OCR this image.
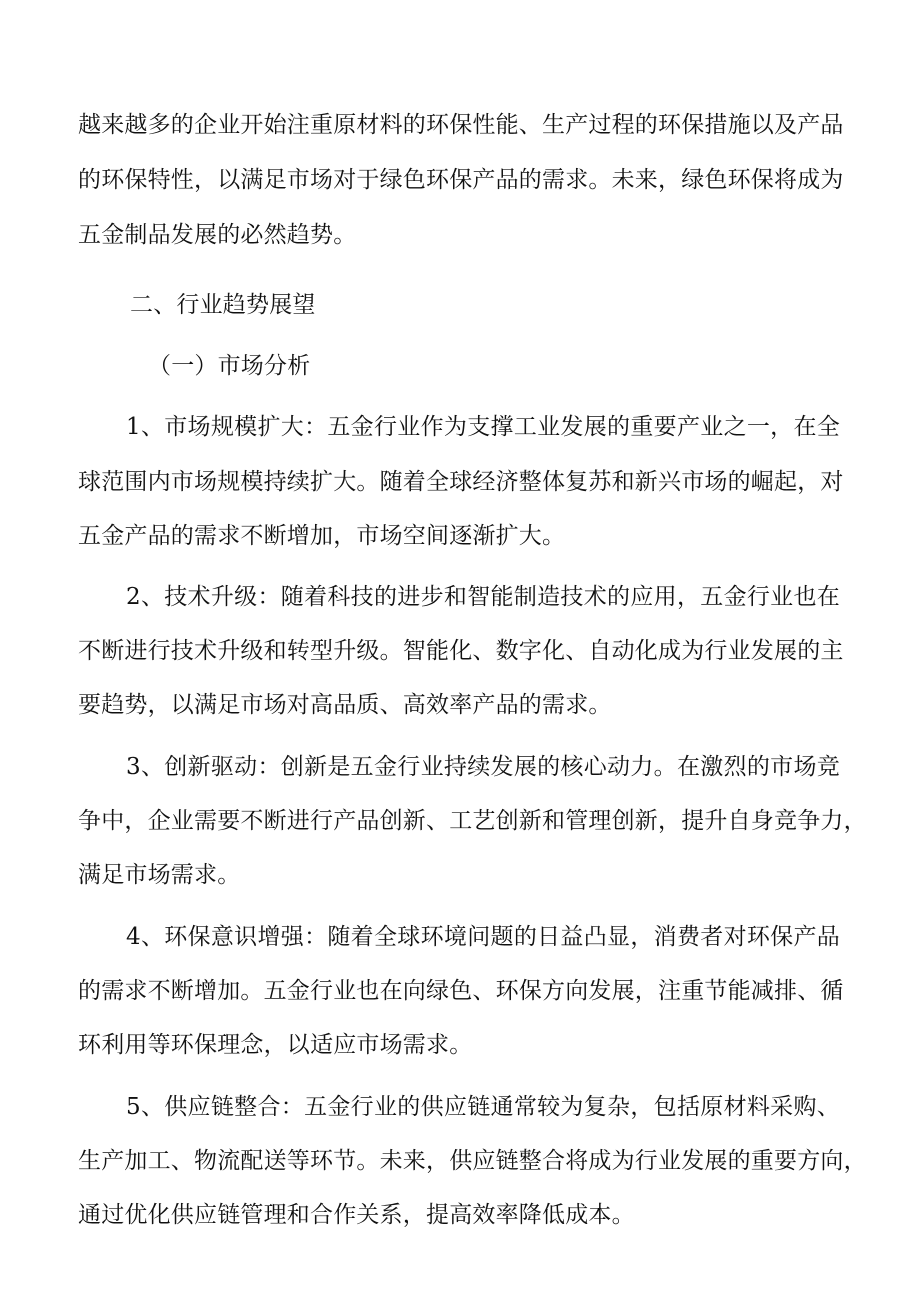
越来越多的企业开始注重原材料的环保性能、生产过程的环保措施以及产品
的环保特性，以满足市场对于绿色环保产品的需求。未来，绿色环保将成为
五金制品发展的必然趋势。
二、行业趋势展望
（一）市场分析
1、市场规模扩大：五金行业作为支撑工业发展的重要产业之一，在全
球范围内市场规模持续扩大。随着全球经济整体复苏和新兴市场的崛起，对
五金产品的需求不断增加，市场空间逐渐扩大。
2、技术升级：随着科技的进步和智能制造技术的应用，五金行业也在
不断进行技术升级和转型升级。智能化、数字化、自动化成为行业发展的主
要趋势，以满足市场对高品质、高效率产品的需求。
3、创新驱动：创新是五金行业持续发展的核心动力。在激烈的市场竞
争中，企业需要不断进行产品创新、工艺创新和管理创新，提升自身竞争力，
满足市场需求。
4、环保意识增强：随着全球环境问题的日益凸显，消费者对环保产品
的需求不断增加。五金行业也在向绿色、环保方向发展，注重节能减排、循
环利用等环保理念，以适应市场需求。
5、供应链整合：五金行业的供应链通常较为复杂，包括原材料采购、
生产加工、物流配送等环节。未来，供应链整合将成为行业发展的重要方向，
通过优化供应链管理和合作关系，提高效率降低成本。
